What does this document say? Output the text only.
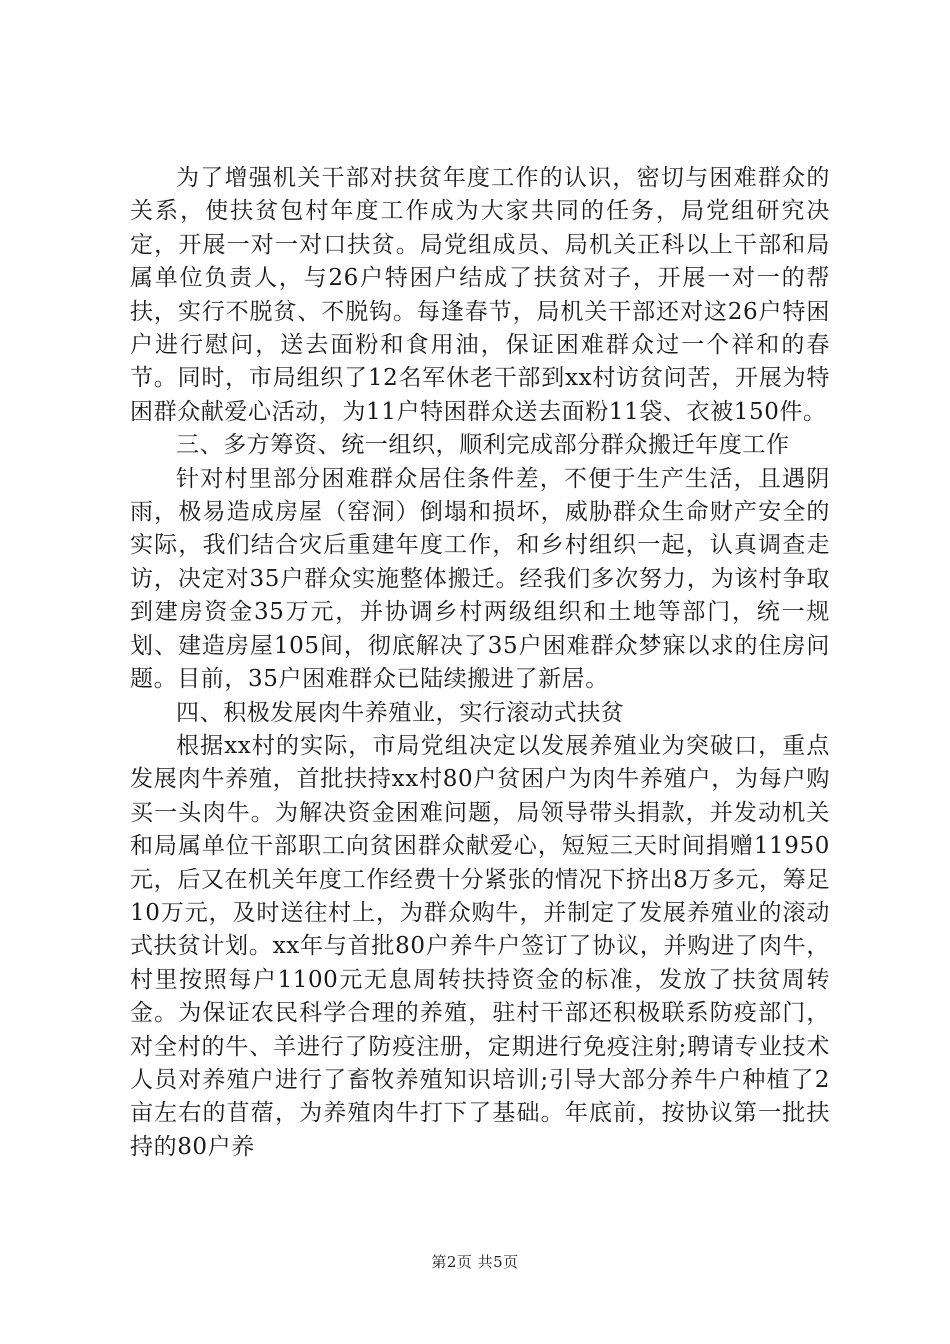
为了增强机关干部对扶贫年度工作的认识，密切与困难群众的关系，使扶贫包村年度工作成为大家共同的任务，局党组研究决定，开展一对一对口扶贫。局党组成员、局机关正科以上干部和局属单位负责人，与26户特困户结成了扶贫对子，开展一对一的帮扶，实行不脱贫、不脱钩。每逢春节，局机关干部还对这26户特困户进行慰问，送去面粉和食用油，保证困难群众过一个祥和的春节。同时，市局组织了12名军休老干部到xx村访贫问苦，开展为特困群众献爱心活动，为11户特困群众送去面粉11袋、衣被150件。

三、多方筹资、统一组织，顺利完成部分群众搬迁年度工作

针对村里部分困难群众居住条件差，不便于生产生活，且遇阴雨，极易造成房屋（窑洞）倒塌和损坏，威胁群众生命财产安全的实际，我们结合灾后重建年度工作，和乡村组织一起，认真调查走访，决定对35户群众实施整体搬迁。经我们多次努力，为该村争取到建房资金35万元，并协调乡村两级组织和土地等部门，统一规划、建造房屋105间，彻底解决了35户困难群众梦寐以求的住房问题。目前，35户困难群众已陆续搬进了新居。

四、积极发展肉牛养殖业，实行滚动式扶贫

根据xx村的实际，市局党组决定以发展养殖业为突破口，重点发展肉牛养殖，首批扶持xx村80户贫困户为肉牛养殖户，为每户购买一头肉牛。为解决资金困难问题，局领导带头捐款，并发动机关和局属单位干部职工向贫困群众献爱心，短短三天时间捐赠11950元，后又在机关年度工作经费十分紧张的情况下挤出8万多元，筹足10万元，及时送往村上，为群众购牛，并制定了发展养殖业的滚动式扶贫计划。xx年与首批80户养牛户签订了协议，并购进了肉牛，村里按照每户1100元无息周转扶持资金的标准，发放了扶贫周转金。为保证农民科学合理的养殖，驻村干部还积极联系防疫部门，对全村的牛、羊进行了防疫注册，定期进行免疫注射;聘请专业技术人员对养殖户进行了畜牧养殖知识培训;引导大部分养牛户种植了2亩左右的苜蓿，为养殖肉牛打下了基础。年底前，按协议第一批扶持的80户养

第2页 共5页
